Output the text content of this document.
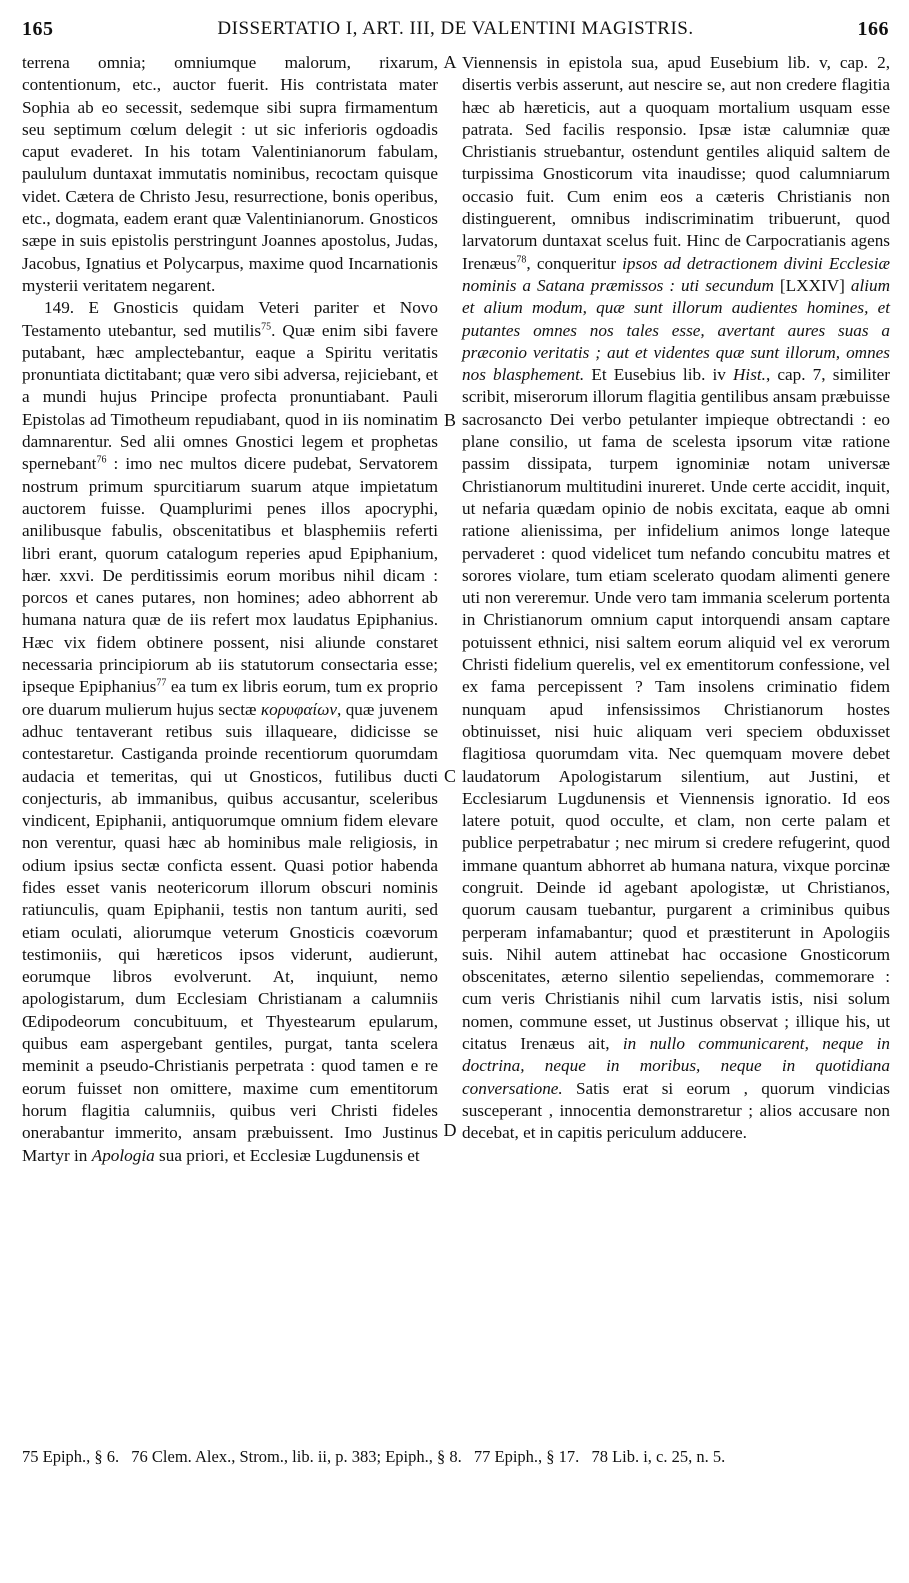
165	DISSERTATIO I, ART. III, DE VALENTINI MAGISTRIS.	166

terrena omnia; omniumque malorum, rixarum, contentionum, etc., auctor fuerit. His contristata mater Sophia ab eo secessit, sedemque sibi supra firmamentum seu septimum cœlum delegit : ut sic inferioris ogdoadis caput evaderet. In his totam Valentinianorum fabulam, paululum duntaxat immutatis nominibus, recoctam quisque videt. Cætera de Christo Jesu, resurrectione, bonis operibus, etc., dogmata, eadem erant quæ Valentinianorum. Gnosticos sæpe in suis epistolis perstringunt Joannes apostolus, Judas, Jacobus, Ignatius et Polycarpus, maxime quod Incarnationis mysterii veritatem negarent.

149. E Gnosticis quidam Veteri pariter et Novo Testamento utebantur, sed mutilis$^{75}$. Quæ enim sibi favere putabant, hæc amplectebantur, eaque a Spiritu veritatis pronuntiata dictitabant; quæ vero sibi adversa, rejiciebant, et a mundi hujus Principe profecta pronuntiabant. Pauli Epistolas ad Timotheum repudiabant, quod in iis nominatim damnarentur. Sed alii omnes Gnostici legem et prophetas spernebant$^{76}$ : imo nec multos dicere pudebat, Servatorem nostrum primum spurcitiarum suarum atque impietatum auctorem fuisse. Quamplurimi penes illos apocryphi, anilibusque fabulis, obscenitatibus et blasphemiis referti libri erant, quorum catalogum reperies apud Epiphanium, hær. xxvi. De perditissimis eorum moribus nihil dicam : porcos et canes putares, non homines; adeo abhorrent ab humana natura quæ de iis refert mox laudatus Epiphanius. Hæc vix fidem obtinere possent, nisi aliunde constaret necessaria principiorum ab iis statutorum consectaria esse; ipseque Epiphanius$^{77}$ ea tum ex libris eorum, tum ex proprio ore duarum mulierum hujus sectæ κορυφαίων, quæ juvenem adhuc tentaverant retibus suis illaqueare, didicisse se contestaretur. Castiganda proinde recentiorum quorumdam audacia et temeritas, qui ut Gnosticos, futilibus ducti conjecturis, ab immanibus, quibus accusantur, sceleribus vindicent, Epiphanii, antiquorumque omnium fidem elevare non verentur, quasi hæc ab hominibus male religiosis, in odium ipsius sectæ conficta essent. Quasi potior habenda fides esset vanis neotericorum illorum obscuri nominis ratiunculis, quam Epiphanii, testis non tantum auriti, sed etiam oculati, aliorumque veterum Gnosticis coævorum testimoniis, qui hæreticos ipsos viderunt, audierunt, eorumque libros evolverunt. At, inquiunt, nemo apologistarum, dum Ecclesiam Christianam a calumniis Œdipodeorum concubituum, et Thyestearum epularum, quibus eam aspergebant gentiles, purgat, tanta scelera meminit a pseudo-Christianis perpetrata : quod tamen e re eorum fuisset non omittere, maxime cum ementitorum horum flagitia calumniis, quibus veri Christi fideles onerabantur immerito, ansam præbuissent. Imo Justinus Martyr in Apologia sua priori, et Ecclesiæ Lugdunensis et

A
B
C
D

Viennensis in epistola sua, apud Eusebium lib. v, cap. 2, disertis verbis asserunt, aut nescire se, aut non credere flagitia hæc ab hæreticis, aut a quoquam mortalium usquam esse patrata. Sed facilis responsio. Ipsæ istæ calumniæ quæ Christianis struebantur, ostendunt gentiles aliquid saltem de turpissima Gnosticorum vita inaudisse; quod calumniarum occasio fuit. Cum enim eos a cæteris Christianis non distinguerent, omnibus indiscriminatim tribuerunt, quod larvatorum duntaxat scelus fuit. Hinc de Carpocratianis agens Irenæus$^{78}$, conqueritur ipsos ad detractionem divini Ecclesiæ nominis a Satana præmissos : uti secundum [LXXIV] alium et alium modum, quæ sunt illorum audientes homines, et putantes omnes nos tales esse, avertant aures suas a præconio veritatis ; aut et videntes quæ sunt illorum, omnes nos blasphement. Et Eusebius lib. iv Hist., cap. 7, similiter scribit, miserorum illorum flagitia gentilibus ansam præbuisse sacrosancto Dei verbo petulanter impieque obtrectandi : eo plane consilio, ut fama de scelesta ipsorum vitæ ratione passim dissipata, turpem ignominiæ notam universæ Christianorum multitudini inureret. Unde certe accidit, inquit, ut nefaria quædam opinio de nobis excitata, eaque ab omni ratione alienissima, per infidelium animos longe lateque pervaderet : quod videlicet tum nefando concubitu matres et sorores violare, tum etiam scelerato quodam alimenti genere uti non vereremur. Unde vero tam immania scelerum portenta in Christianorum omnium caput intorquendi ansam captare potuissent ethnici, nisi saltem eorum aliquid vel ex verorum Christi fidelium querelis, vel ex ementitorum confessione, vel ex fama percepissent ? Tam insolens criminatio fidem nunquam apud infensissimos Christianorum hostes obtinuisset, nisi huic aliquam veri speciem obduxisset flagitiosa quorumdam vita. Nec quemquam movere debet laudatorum Apologistarum silentium, aut Justini, et Ecclesiarum Lugdunensis et Viennensis ignoratio. Id eos latere potuit, quod occulte, et clam, non certe palam et publice perpetrabatur ; nec mirum si credere refugerint, quod immane quantum abhorret ab humana natura, vixque porcinæ congruit. Deinde id agebant apologistæ, ut Christianos, quorum causam tuebantur, purgarent a criminibus quibus perperam infamabantur; quod et præstiterunt in Apologiis suis. Nihil autem attinebat hac occasione Gnosticorum obscenitates, æterno silentio sepeliendas, commemorare : cum veris Christianis nihil cum larvatis istis, nisi solum nomen, commune esset, ut Justinus observat ; illique his, ut citatus Irenæus ait, in nullo communicarent, neque in doctrina, neque in moribus, neque in quotidiana conversatione. Satis erat si eorum , quorum vindicias susceperant , innocentia demonstraretur ; alios accusare non decebat, et in capitis periculum adducere.

75 Epiph., § 6. 76 Clem. Alex., Strom., lib. ii, p. 383; Epiph., § 8. 77 Epiph., § 17. 78 Lib. i, c. 25, n. 5.
